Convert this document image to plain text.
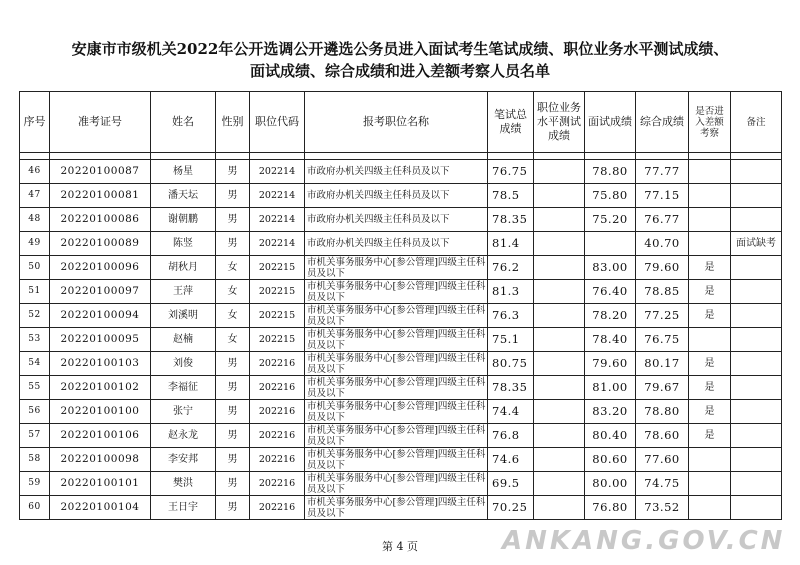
安康市市级机关2022年公开选调公开遴选公务员进入面试考生笔试成绩、职位业务水平测试成绩、
面试成绩、综合成绩和进入差额考察人员名单
序号	准考证号	姓名	性别	职位代码	报考职位名称	笔试总成绩	职位业务水平测试成绩	面试成绩	综合成绩	是否进入差额考察	备注

46	20220100087	杨星	男	202214	市政府办机关四级主任科员及以下	76.75		78.80	77.77		
47	20220100081	潘天坛	男	202214	市政府办机关四级主任科员及以下	78.5		75.80	77.15		
48	20220100086	谢朝鹏	男	202214	市政府办机关四级主任科员及以下	78.35		75.20	76.77		
49	20220100089	陈竖	男	202214	市政府办机关四级主任科员及以下	81.4			40.70		面试缺考
50	20220100096	胡秋月	女	202215	市机关事务服务中心[参公管理]四级主任科员及以下	76.2		83.00	79.60	是	
51	20220100097	王萍	女	202215	市机关事务服务中心[参公管理]四级主任科员及以下	81.3		76.40	78.85	是	
52	20220100094	刘溪明	女	202215	市机关事务服务中心[参公管理]四级主任科员及以下	76.3		78.20	77.25	是	
53	20220100095	赵楠	女	202215	市机关事务服务中心[参公管理]四级主任科员及以下	75.1		78.40	76.75		
54	20220100103	刘俊	男	202216	市机关事务服务中心[参公管理]四级主任科员及以下	80.75		79.60	80.17	是	
55	20220100102	李福征	男	202216	市机关事务服务中心[参公管理]四级主任科员及以下	78.35		81.00	79.67	是	
56	20220100100	张宁	男	202216	市机关事务服务中心[参公管理]四级主任科员及以下	74.4		83.20	78.80	是	
57	20220100106	赵永龙	男	202216	市机关事务服务中心[参公管理]四级主任科员及以下	76.8		80.40	78.60	是	
58	20220100098	李安邦	男	202216	市机关事务服务中心[参公管理]四级主任科员及以下	74.6		80.60	77.60		
59	20220100101	樊洪	男	202216	市机关事务服务中心[参公管理]四级主任科员及以下	69.5		80.00	74.75		
60	20220100104	王日宇	男	202216	市机关事务服务中心[参公管理]四级主任科员及以下	70.25		76.80	73.52		
第 4 页	ANKANG.GOV.CN
